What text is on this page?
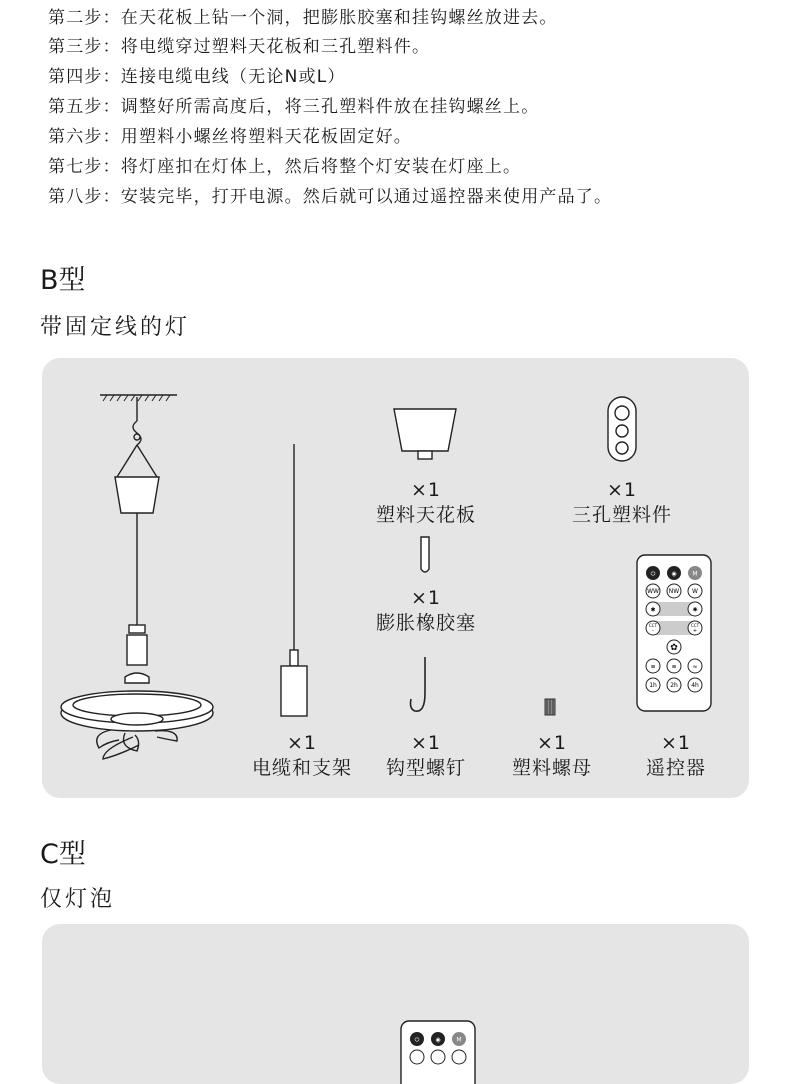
第二步：在天花板上钻一个洞，把膨胀胶塞和挂钩螺丝放进去。
第三步：将电缆穿过塑料天花板和三孔塑料件。
第四步：连接电缆电线（无论N或L）
第五步：调整好所需高度后，将三孔塑料件放在挂钩螺丝上。
第六步：用塑料小螺丝将塑料天花板固定好。
第七步：将灯座扣在灯体上，然后将整个灯安装在灯座上。
第八步：安装完毕，打开电源。然后就可以通过遥控器来使用产品了。
B型
带固定线的灯
⏻	◉	M
WW NW W
✱	✺
CCT
-
CCT
+
✿
≡	≡	≈
1h 2h 4h
×1
塑料天花板
×1
三孔塑料件
×1
膨胀橡胶塞
×1
电缆和支架
×1
钩型螺钉
×1
塑料螺母
×1
遥控器
C型
仅灯泡
⏻	◉	M
